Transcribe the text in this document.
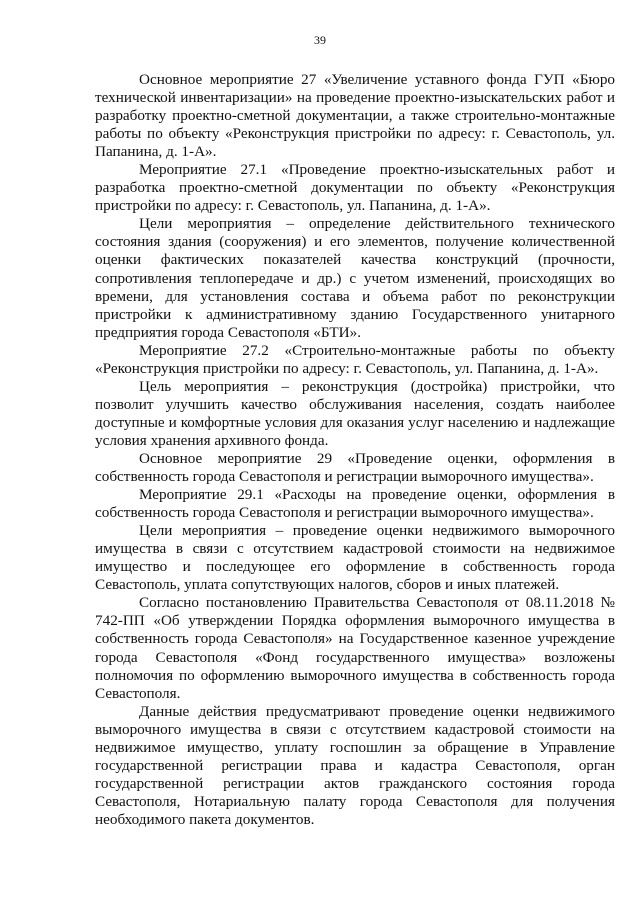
39

Основное мероприятие 27 «Увеличение уставного фонда ГУП «Бюро технической инвентаризации» на проведение проектно-изыскательских работ и разработку проектно-сметной документации, а также строительно-монтажные работы по объекту «Реконструкция пристройки по адресу: г. Севастополь, ул. Папанина, д. 1-А».

Мероприятие 27.1 «Проведение проектно-изыскательных работ и разработка проектно-сметной документации по объекту «Реконструкция пристройки по адресу: г. Севастополь, ул. Папанина, д. 1-А».

Цели мероприятия – определение действительного технического состояния здания (сооружения) и его элементов, получение количественной оценки фактических показателей качества конструкций (прочности, сопротивления теплопередаче и др.) с учетом изменений, происходящих во времени, для установления состава и объема работ по реконструкции пристройки к административному зданию Государственного унитарного предприятия города Севастополя «БТИ».

Мероприятие 27.2 «Строительно-монтажные работы по объекту «Реконструкция пристройки по адресу: г. Севастополь, ул. Папанина, д. 1-А».

Цель мероприятия – реконструкция (достройка) пристройки, что позволит улучшить качество обслуживания населения, создать наиболее доступные и комфортные условия для оказания услуг населению и надлежащие условия хранения архивного фонда.

Основное мероприятие 29 «Проведение оценки, оформления в собственность города Севастополя и регистрации выморочного имущества».

Мероприятие 29.1 «Расходы на проведение оценки, оформления в собственность города Севастополя и регистрации выморочного имущества».

Цели мероприятия – проведение оценки недвижимого выморочного имущества в связи с отсутствием кадастровой стоимости на недвижимое имущество и последующее его оформление в собственность города Севастополь, уплата сопутствующих налогов, сборов и иных платежей.

Согласно постановлению Правительства Севастополя от 08.11.2018 № 742-ПП «Об утверждении Порядка оформления выморочного имущества в собственность города Севастополя» на Государственное казенное учреждение города Севастополя «Фонд государственного имущества» возложены полномочия по оформлению выморочного имущества в собственность города Севастополя.

Данные действия предусматривают проведение оценки недвижимого выморочного имущества в связи с отсутствием кадастровой стоимости на недвижимое имущество, уплату госпошлин за обращение в Управление государственной регистрации права и кадастра Севастополя, орган государственной регистрации актов гражданского состояния города Севастополя, Нотариальную палату города Севастополя для получения необходимого пакета документов.
